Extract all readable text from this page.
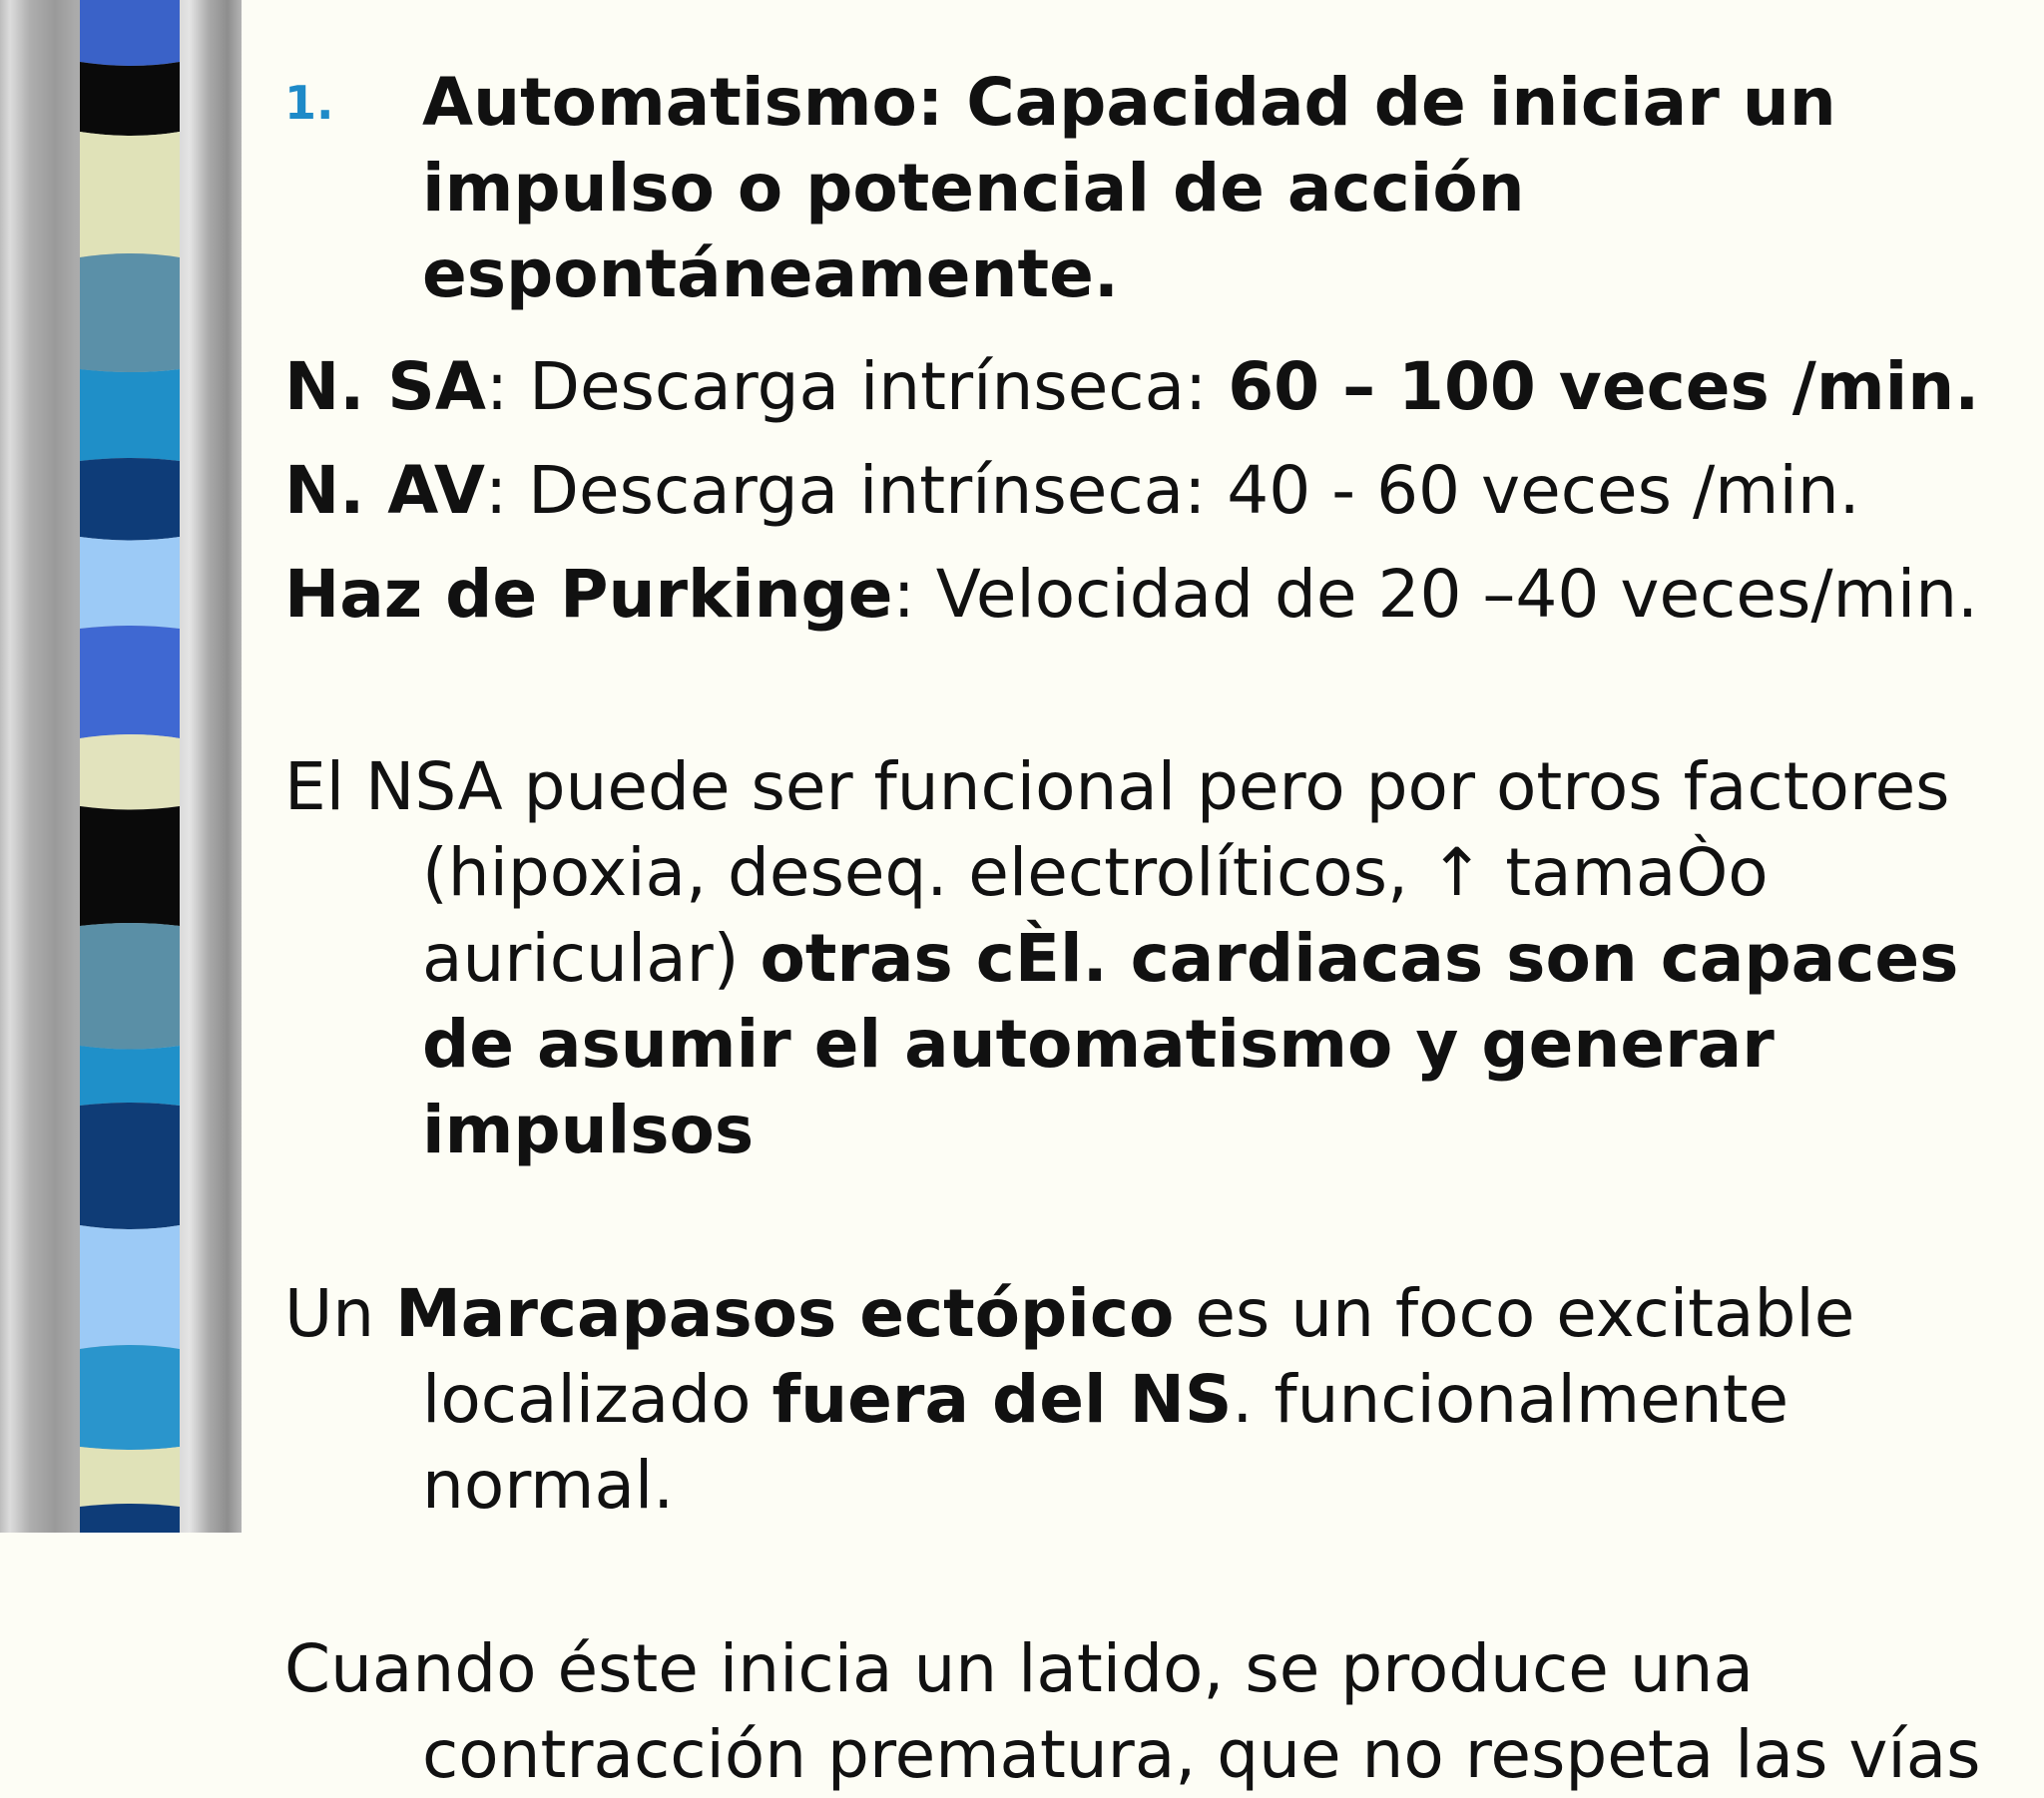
1.	Automatismo: Capacidad de iniciar un impulso o potencial de acción espontáneamente.
N. SA: Descarga intrínseca: 60 – 100 veces /min.
N. AV: Descarga intrínseca: 40 - 60 veces /min.
Haz de Purkinge: Velocidad de 20 –40 veces/min.
El NSA puede ser funcional pero por otros factores (hipoxia, deseq. electrolíticos, ↑ tamaÒo auricular) otras cÈl. cardiacas son capaces de asumir el automatismo y generar impulsos
Un Marcapasos ectópico es un foco excitable localizado fuera del NS. funcionalmente normal.
Cuando éste inicia un latido, se produce una
contracción prematura, que no respeta las vías
